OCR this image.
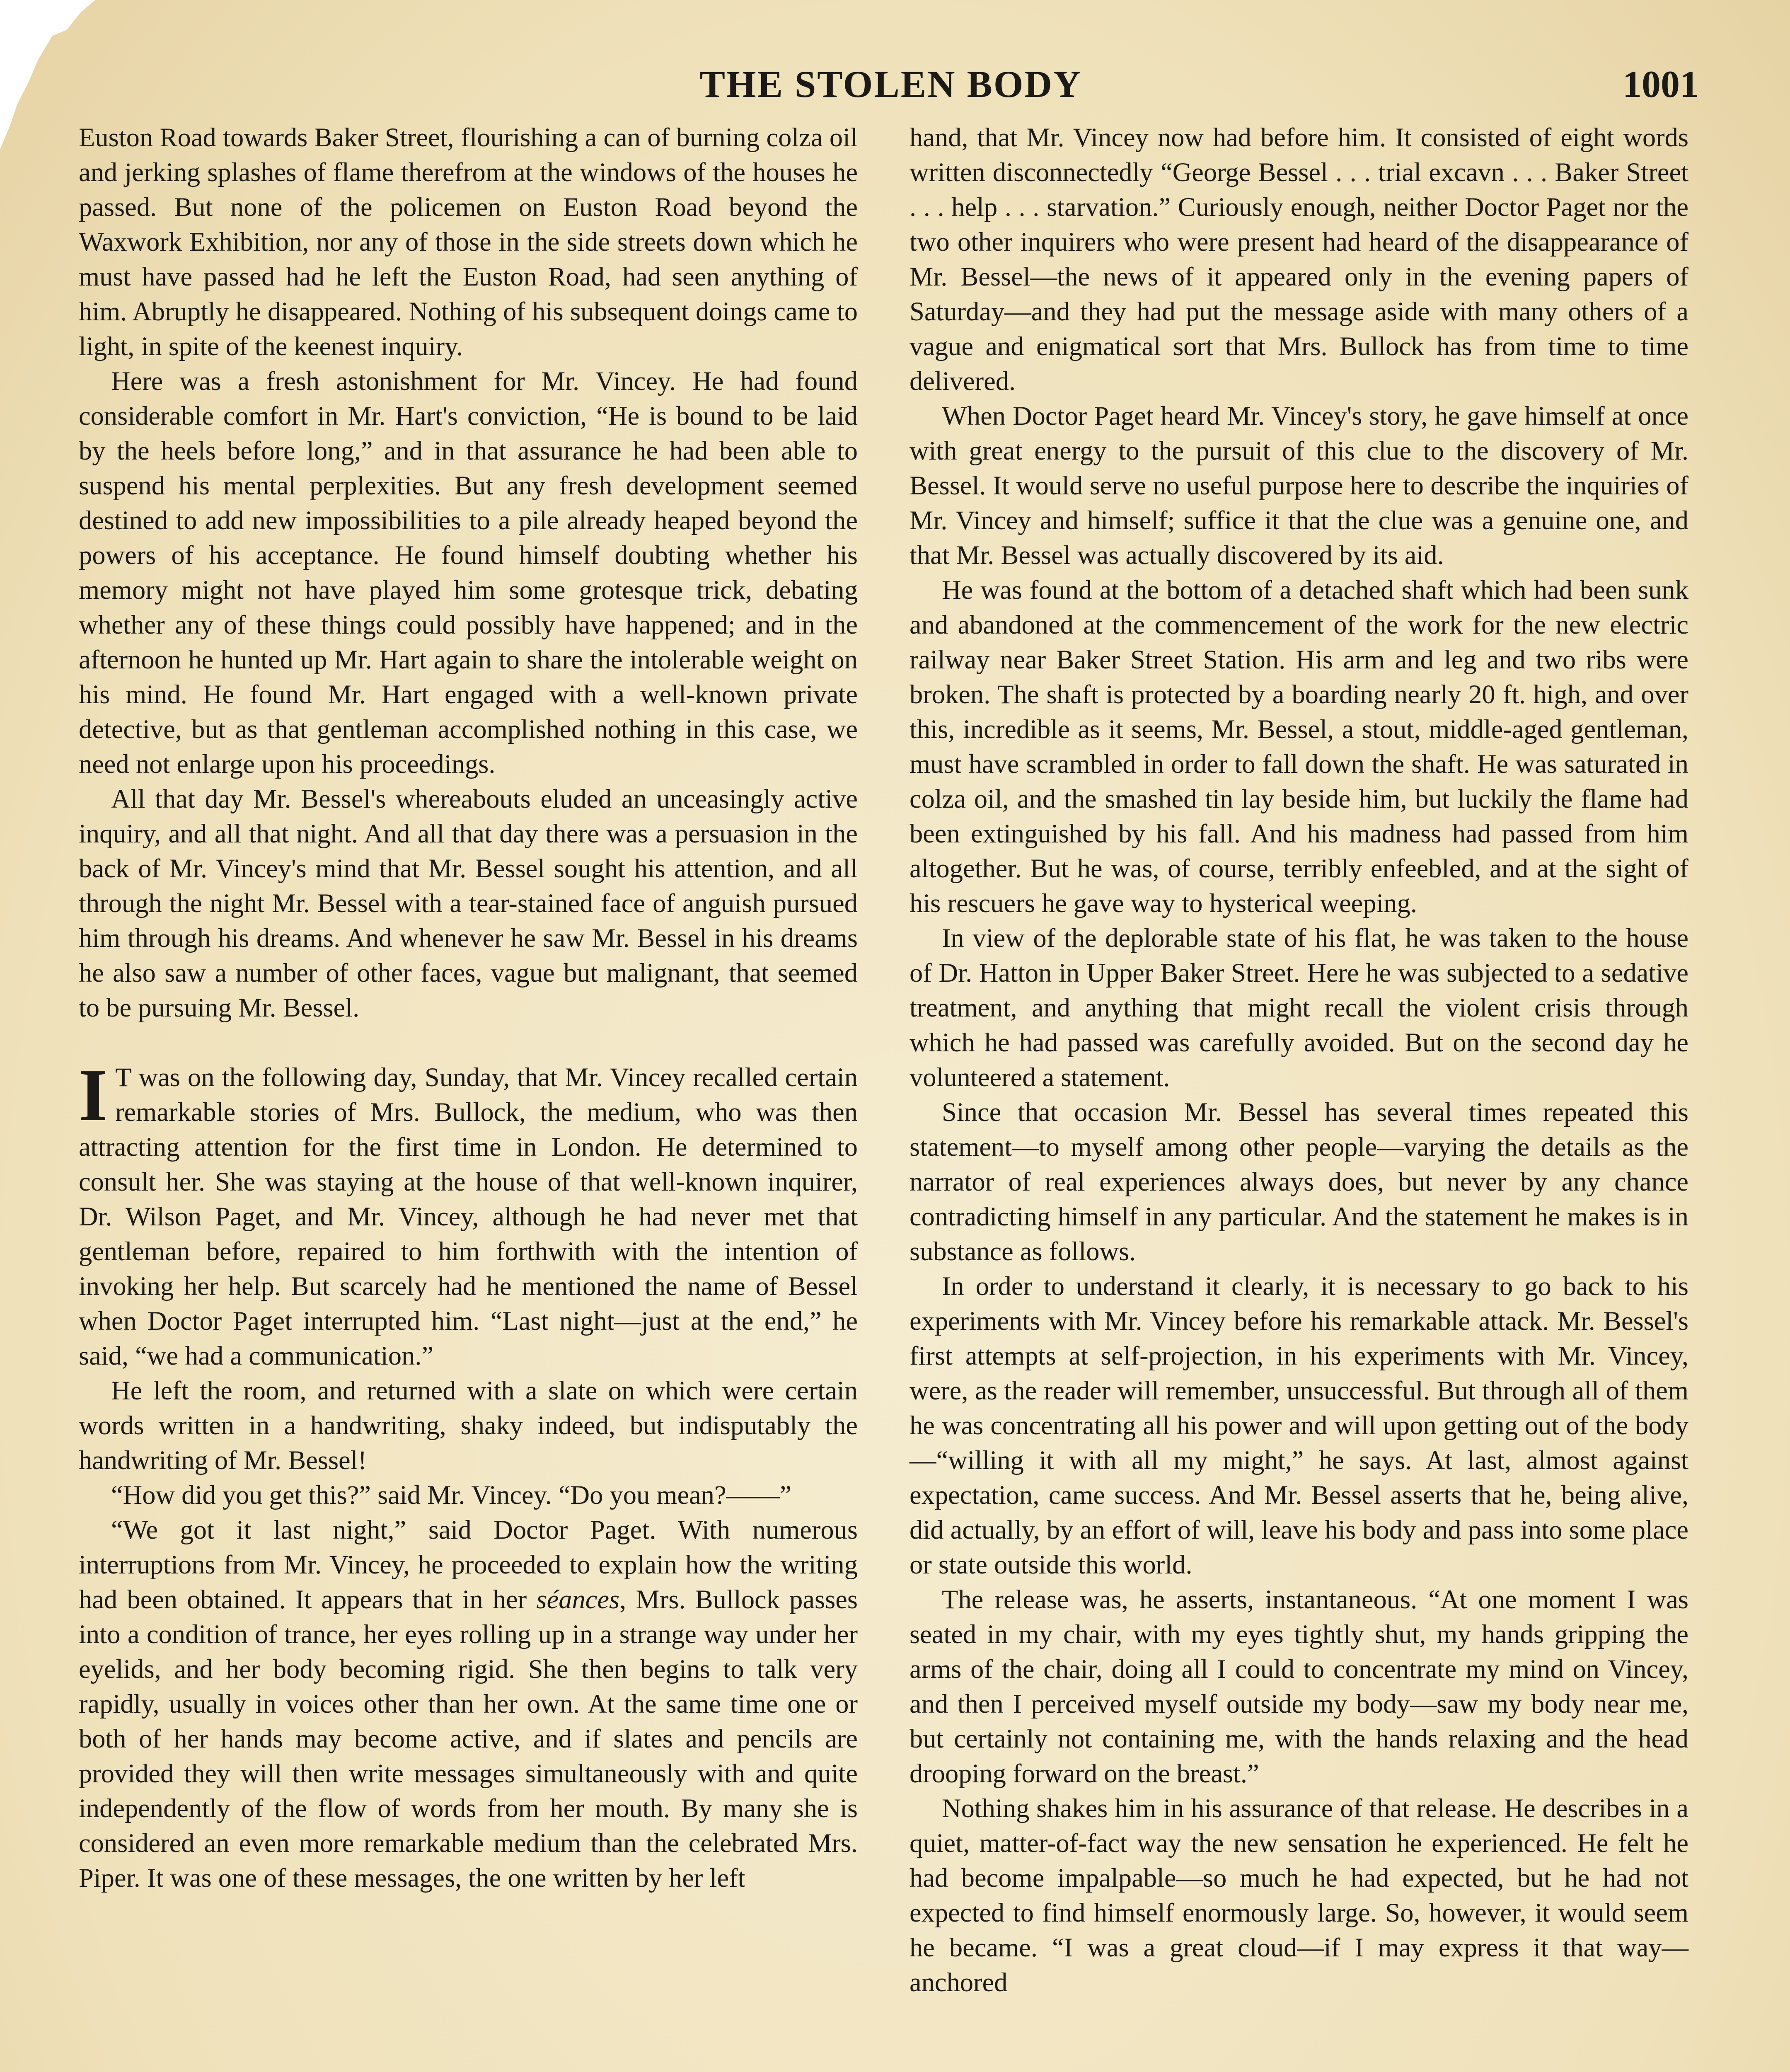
THE STOLEN BODY	1001

Euston Road towards Baker Street, flourishing a can of burning colza oil and jerking splashes of flame therefrom at the windows of the houses he passed. But none of the policemen on Euston Road beyond the Waxwork Exhibition, nor any of those in the side streets down which he must have passed had he left the Euston Road, had seen anything of him. Abruptly he disappeared. Nothing of his subsequent doings came to light, in spite of the keenest inquiry.

Here was a fresh astonishment for Mr. Vincey. He had found considerable comfort in Mr. Hart's conviction, “He is bound to be laid by the heels before long,” and in that assurance he had been able to suspend his mental perplexities. But any fresh development seemed destined to add new impossibilities to a pile already heaped beyond the powers of his acceptance. He found himself doubting whether his memory might not have played him some grotesque trick, debating whether any of these things could possibly have happened; and in the afternoon he hunted up Mr. Hart again to share the intolerable weight on his mind. He found Mr. Hart engaged with a well-known private detective, but as that gentleman accomplished nothing in this case, we need not enlarge upon his proceedings.

All that day Mr. Bessel's whereabouts eluded an unceasingly active inquiry, and all that night. And all that day there was a persuasion in the back of Mr. Vincey's mind that Mr. Bessel sought his attention, and all through the night Mr. Bessel with a tear-stained face of anguish pursued him through his dreams. And whenever he saw Mr. Bessel in his dreams he also saw a number of other faces, vague but malignant, that seemed to be pursuing Mr. Bessel.

I T was on the following day, Sunday, that Mr. Vincey recalled certain remarkable stories of Mrs. Bullock, the medium, who was then attracting attention for the first time in London. He determined to consult her. She was staying at the house of that well-known inquirer, Dr. Wilson Paget, and Mr. Vincey, although he had never met that gentleman before, repaired to him forthwith with the intention of invoking her help. But scarcely had he mentioned the name of Bessel when Doctor Paget interrupted him. “Last night—just at the end,” he said, “we had a communication.”

He left the room, and returned with a slate on which were certain words written in a handwriting, shaky indeed, but indisputably the handwriting of Mr. Bessel!

“How did you get this?” said Mr. Vincey. “Do you mean?——”

“We got it last night,” said Doctor Paget. With numerous interruptions from Mr. Vincey, he proceeded to explain how the writing had been obtained. It appears that in her séances, Mrs. Bullock passes into a condition of trance, her eyes rolling up in a strange way under her eyelids, and her body becoming rigid. She then begins to talk very rapidly, usually in voices other than her own. At the same time one or both of her hands may become active, and if slates and pencils are provided they will then write messages simultaneously with and quite independently of the flow of words from her mouth. By many she is considered an even more remarkable medium than the celebrated Mrs. Piper. It was one of these messages, the one written by her left

hand, that Mr. Vincey now had before him. It consisted of eight words written disconnectedly “George Bessel . . . trial excavn . . . Baker Street . . . help . . . starvation.” Curiously enough, neither Doctor Paget nor the two other inquirers who were present had heard of the disappearance of Mr. Bessel—the news of it appeared only in the evening papers of Saturday—and they had put the message aside with many others of a vague and enigmatical sort that Mrs. Bullock has from time to time delivered.

When Doctor Paget heard Mr. Vincey's story, he gave himself at once with great energy to the pursuit of this clue to the discovery of Mr. Bessel. It would serve no useful purpose here to describe the inquiries of Mr. Vincey and himself; suffice it that the clue was a genuine one, and that Mr. Bessel was actually discovered by its aid.

He was found at the bottom of a detached shaft which had been sunk and abandoned at the commencement of the work for the new electric railway near Baker Street Station. His arm and leg and two ribs were broken. The shaft is protected by a boarding nearly 20 ft. high, and over this, incredible as it seems, Mr. Bessel, a stout, middle-aged gentleman, must have scrambled in order to fall down the shaft. He was saturated in colza oil, and the smashed tin lay beside him, but luckily the flame had been extinguished by his fall. And his madness had passed from him altogether. But he was, of course, terribly enfeebled, and at the sight of his rescuers he gave way to hysterical weeping.

In view of the deplorable state of his flat, he was taken to the house of Dr. Hatton in Upper Baker Street. Here he was subjected to a sedative treatment, and anything that might recall the violent crisis through which he had passed was carefully avoided. But on the second day he volunteered a statement.

Since that occasion Mr. Bessel has several times repeated this statement—to myself among other people—varying the details as the narrator of real experiences always does, but never by any chance contradicting himself in any particular. And the statement he makes is in substance as follows.

In order to understand it clearly, it is necessary to go back to his experiments with Mr. Vincey before his remarkable attack. Mr. Bessel's first attempts at self-projection, in his experiments with Mr. Vincey, were, as the reader will remember, unsuccessful. But through all of them he was concentrating all his power and will upon getting out of the body—“willing it with all my might,” he says. At last, almost against expectation, came success. And Mr. Bessel asserts that he, being alive, did actually, by an effort of will, leave his body and pass into some place or state outside this world.

The release was, he asserts, instantaneous. “At one moment I was seated in my chair, with my eyes tightly shut, my hands gripping the arms of the chair, doing all I could to concentrate my mind on Vincey, and then I perceived myself outside my body—saw my body near me, but certainly not containing me, with the hands relaxing and the head drooping forward on the breast.”

Nothing shakes him in his assurance of that release. He describes in a quiet, matter-of-fact way the new sensation he experienced. He felt he had become impalpable—so much he had expected, but he had not expected to find himself enormously large. So, however, it would seem he became. “I was a great cloud—if I may express it that way—anchored
